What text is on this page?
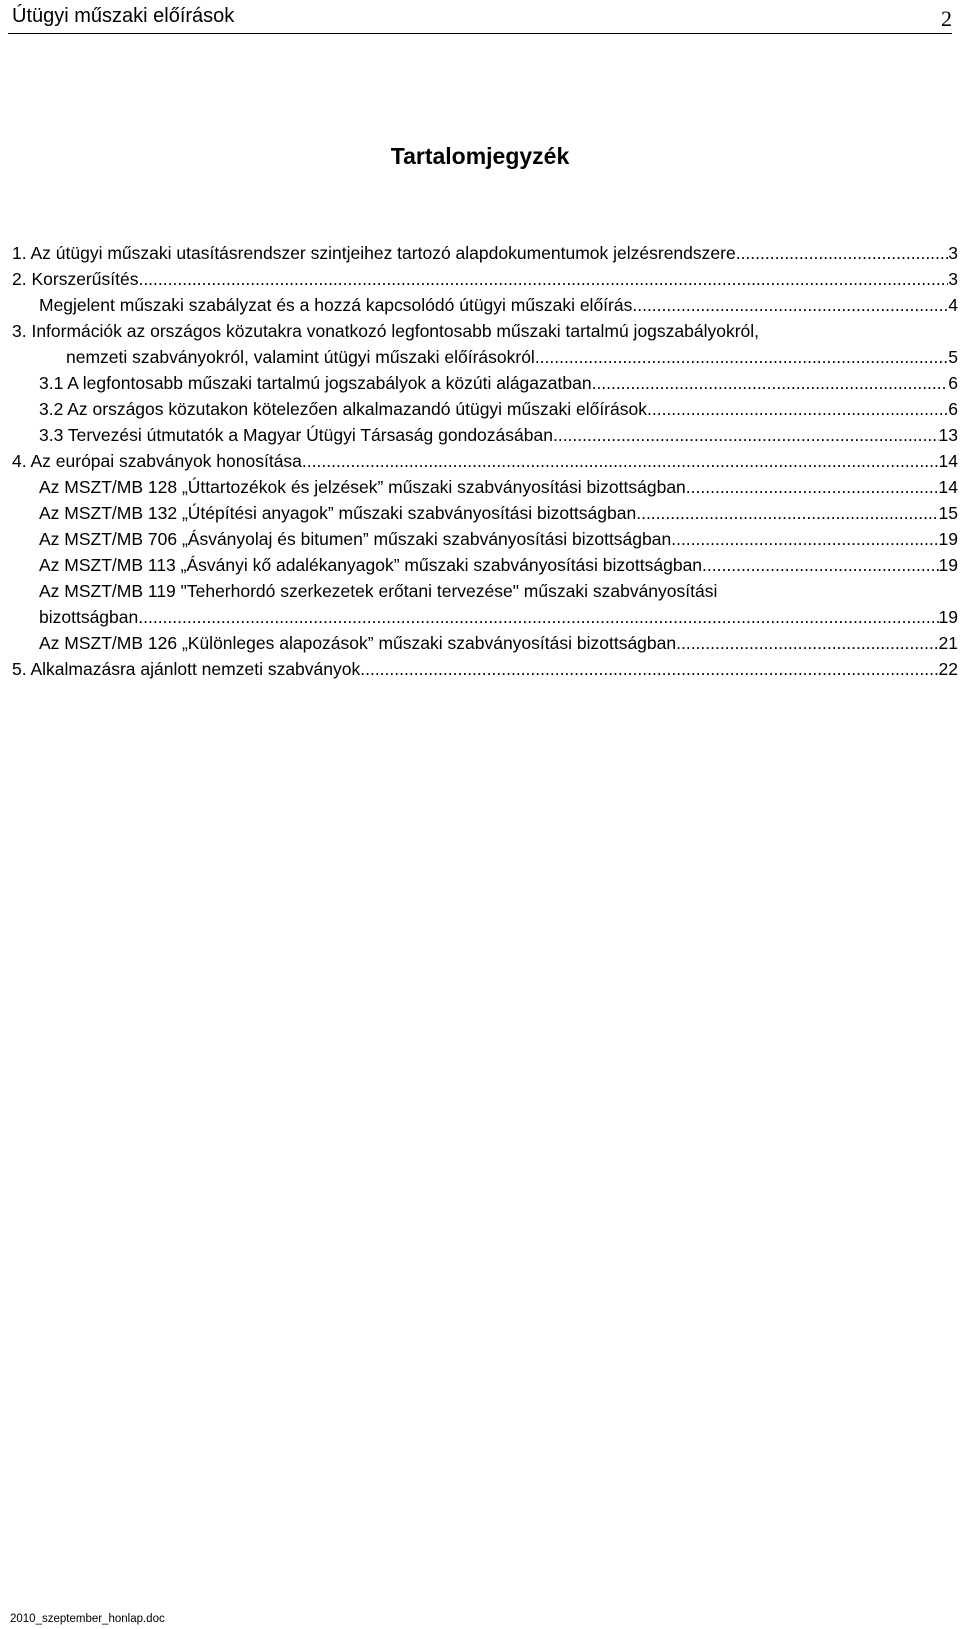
Útügyi műszaki előírások	2
Tartalomjegyzék
1. Az útügyi műszaki utasításrendszer szintjeihez tartozó alapdokumentumok jelzésrendszere .....	3
2. Korszerűsítés .....	3
Megjelent műszaki szabályzat és a hozzá kapcsolódó útügyi műszaki előírás .....	4
3. Információk az országos közutakra vonatkozó legfontosabb műszaki tartalmú jogszabályokról,
nemzeti szabványokról, valamint útügyi műszaki előírásokról .....	5
3.1 A legfontosabb műszaki tartalmú jogszabályok a közúti alágazatban .....	6
3.2 Az országos közutakon kötelezően alkalmazandó útügyi műszaki előírások .....	6
3.3 Tervezési útmutatók a Magyar Útügyi Társaság gondozásában .....	13
4. Az európai szabványok honosítása .....	14
Az MSZT/MB 128 „Úttartozékok és jelzések” műszaki szabványosítási bizottságban .....	14
Az MSZT/MB 132 „Útépítési anyagok” műszaki szabványosítási bizottságban .....	15
Az MSZT/MB 706 „Ásványolaj és bitumen” műszaki szabványosítási bizottságban .....	19
Az MSZT/MB 113 „Ásványi kő adalékanyagok” műszaki szabványosítási bizottságban .....	19
Az MSZT/MB 119 "Teherhordó szerkezetek erőtani tervezése" műszaki szabványosítási
bizottságban .....	19
Az MSZT/MB 126 „Különleges alapozások” műszaki szabványosítási bizottságban .....	21
5. Alkalmazásra ajánlott nemzeti szabványok .....	22
2010_szeptember_honlap.doc
